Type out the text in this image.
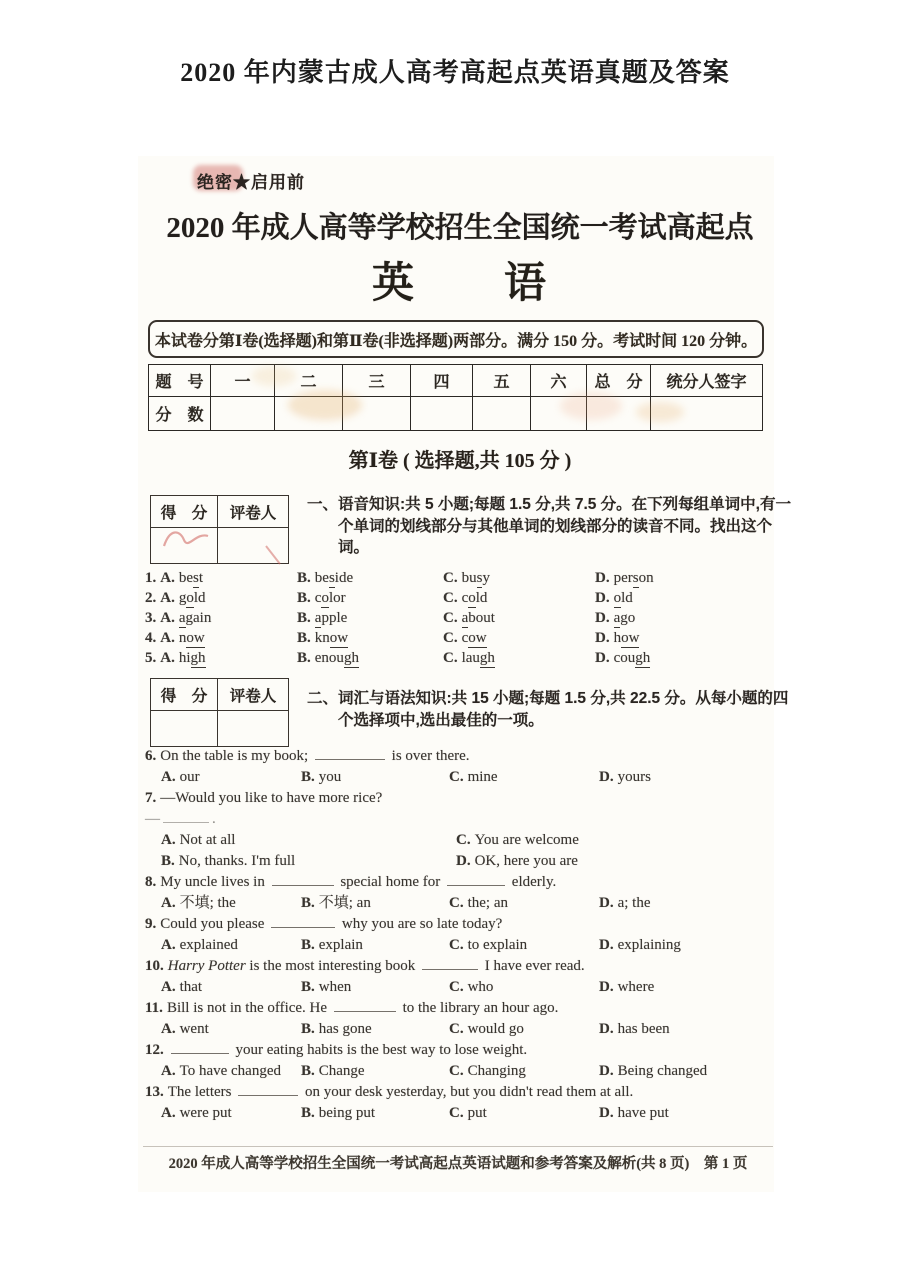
2020 年内蒙古成人高考高起点英语真题及答案
绝密★启用前
2020 年成人高等学校招生全国统一考试高起点
英　　语
本试卷分第Ⅰ卷(选择题)和第Ⅱ卷(非选择题)两部分。满分 150 分。考试时间 120 分钟。
题　号	一	二	三	四	五	六	总　分	统分人签字
分　数								
第Ⅰ卷 ( 选择题,共 105 分 )
得　分	评卷人
	一、语音知识:共 5 小题;每题 1.5 分,共 7.5 分。在下列每组单词中,有一个单词的划线部分与其他单词的划线部分的读音不同。找出这个词。
1. A. best	B. beside	C. busy	D. person
2. A. gold	B. color	C. cold	D. old
3. A. again	B. apple	C. about	D. ago
4. A. now	B. know	C. cow	D. how
5. A. high	B. enough	C. laugh	D. cough
得　分	评卷人
	二、词汇与语法知识:共 15 小题;每题 1.5 分,共 22.5 分。从每小题的四个选择项中,选出最佳的一项。
6. On the table is my book;	is over there.
A. our	B. you	C. mine	D. yours
7. —Would you like to have more rice?
—	.
A. Not at all	C. You are welcome
B. No, thanks. I'm full	D. OK, here you are
8. My uncle lives in	special home for	elderly.
A. 不填; the	B. 不填; an	C. the; an	D. a; the
9. Could you please	why you are so late today?
A. explained	B. explain	C. to explain	D. explaining
10. Harry Potter is the most interesting book	I have ever read.
A. that	B. when	C. who	D. where
11. Bill is not in the office. He	to the library an hour ago.
A. went	B. has gone	C. would go	D. has been
12.	your eating habits is the best way to lose weight.
A. To have changed	B. Change	C. Changing	D. Being changed
13. The letters	on your desk yesterday, but you didn't read them at all.
A. were put	B. being put	C. put	D. have put
2020 年成人高等学校招生全国统一考试高起点英语试题和参考答案及解析(共 8 页)　第 1 页
